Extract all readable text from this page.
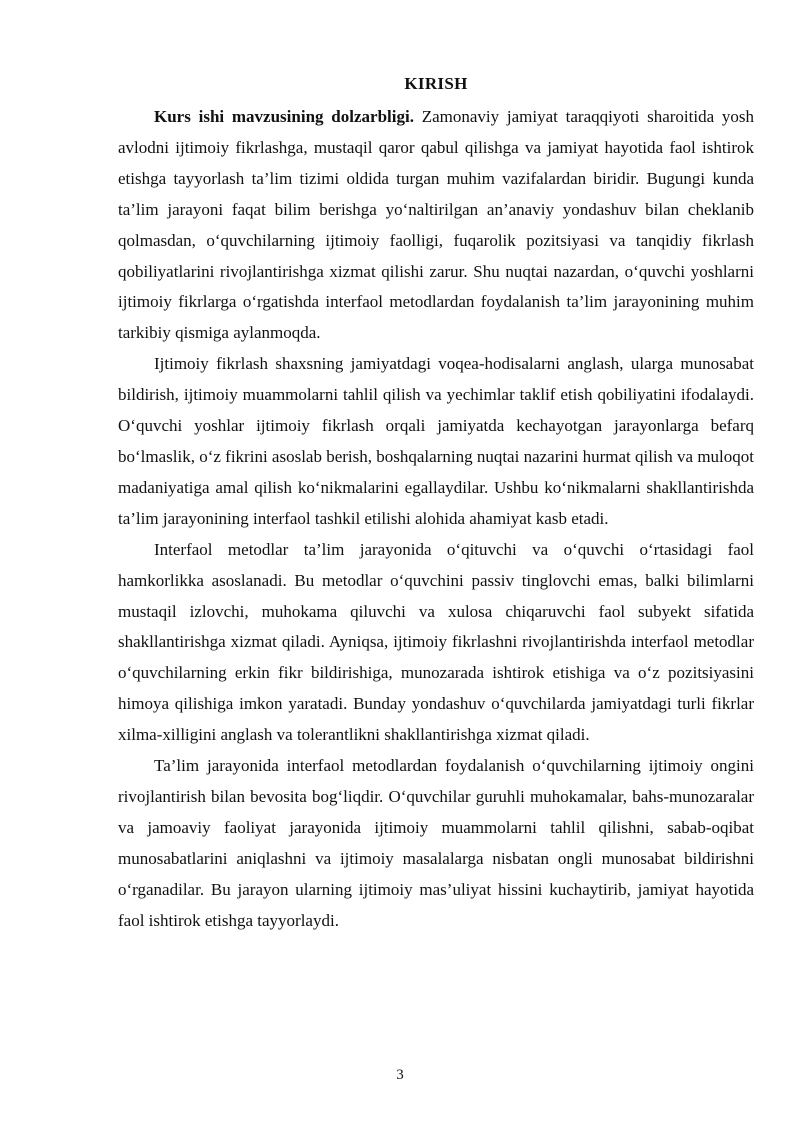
KIRISH

Kurs ishi mavzusining dolzarbligi. Zamonaviy jamiyat taraqqiyoti sharoitida yosh avlodni ijtimoiy fikrlashga, mustaqil qaror qabul qilishga va jamiyat hayotida faol ishtirok etishga tayyorlash ta’lim tizimi oldida turgan muhim vazifalardan biridir. Bugungi kunda ta’lim jarayoni faqat bilim berishga yo‘naltirilgan an’anaviy yondashuv bilan cheklanib qolmasdan, o‘quvchilarning ijtimoiy faolligi, fuqarolik pozitsiyasi va tanqidiy fikrlash qobiliyatlarini rivojlantirishga xizmat qilishi zarur. Shu nuqtai nazardan, o‘quvchi yoshlarni ijtimoiy fikrlarga o‘rgatishda interfaol metodlardan foydalanish ta’lim jarayonining muhim tarkibiy qismiga aylanmoqda.

Ijtimoiy fikrlash shaxsning jamiyatdagi voqea-hodisalarni anglash, ularga munosabat bildirish, ijtimoiy muammolarni tahlil qilish va yechimlar taklif etish qobiliyatini ifodalaydi. O‘quvchi yoshlar ijtimoiy fikrlash orqali jamiyatda kechayotgan jarayonlarga befarq bo‘lmaslik, o‘z fikrini asoslab berish, boshqalarning nuqtai nazarini hurmat qilish va muloqot madaniyatiga amal qilish ko‘nikmalarini egallaydilar. Ushbu ko‘nikmalarni shakllantirishda ta’lim jarayonining interfaol tashkil etilishi alohida ahamiyat kasb etadi.

Interfaol metodlar ta’lim jarayonida o‘qituvchi va o‘quvchi o‘rtasidagi faol hamkorlikka asoslanadi. Bu metodlar o‘quvchini passiv tinglovchi emas, balki bilimlarni mustaqil izlovchi, muhokama qiluvchi va xulosa chiqaruvchi faol subyekt sifatida shakllantirishga xizmat qiladi. Ayniqsa, ijtimoiy fikrlashni rivojlantirishda interfaol metodlar o‘quvchilarning erkin fikr bildirishiga, munozarada ishtirok etishiga va o‘z pozitsiyasini himoya qilishiga imkon yaratadi. Bunday yondashuv o‘quvchilarda jamiyatdagi turli fikrlar xilma-xilligini anglash va tolerantlikni shakllantirishga xizmat qiladi.

Ta’lim jarayonida interfaol metodlardan foydalanish o‘quvchilarning ijtimoiy ongini rivojlantirish bilan bevosita bog‘liqdir. O‘quvchilar guruhli muhokamalar, bahs-munozaralar va jamoaviy faoliyat jarayonida ijtimoiy muammolarni tahlil qilishni, sabab-oqibat munosabatlarini aniqlashni va ijtimoiy masalalarga nisbatan ongli munosabat bildirishni o‘rganadilar. Bu jarayon ularning ijtimoiy mas’uliyat hissini kuchaytirib, jamiyat hayotida faol ishtirok etishga tayyorlaydi.

3
